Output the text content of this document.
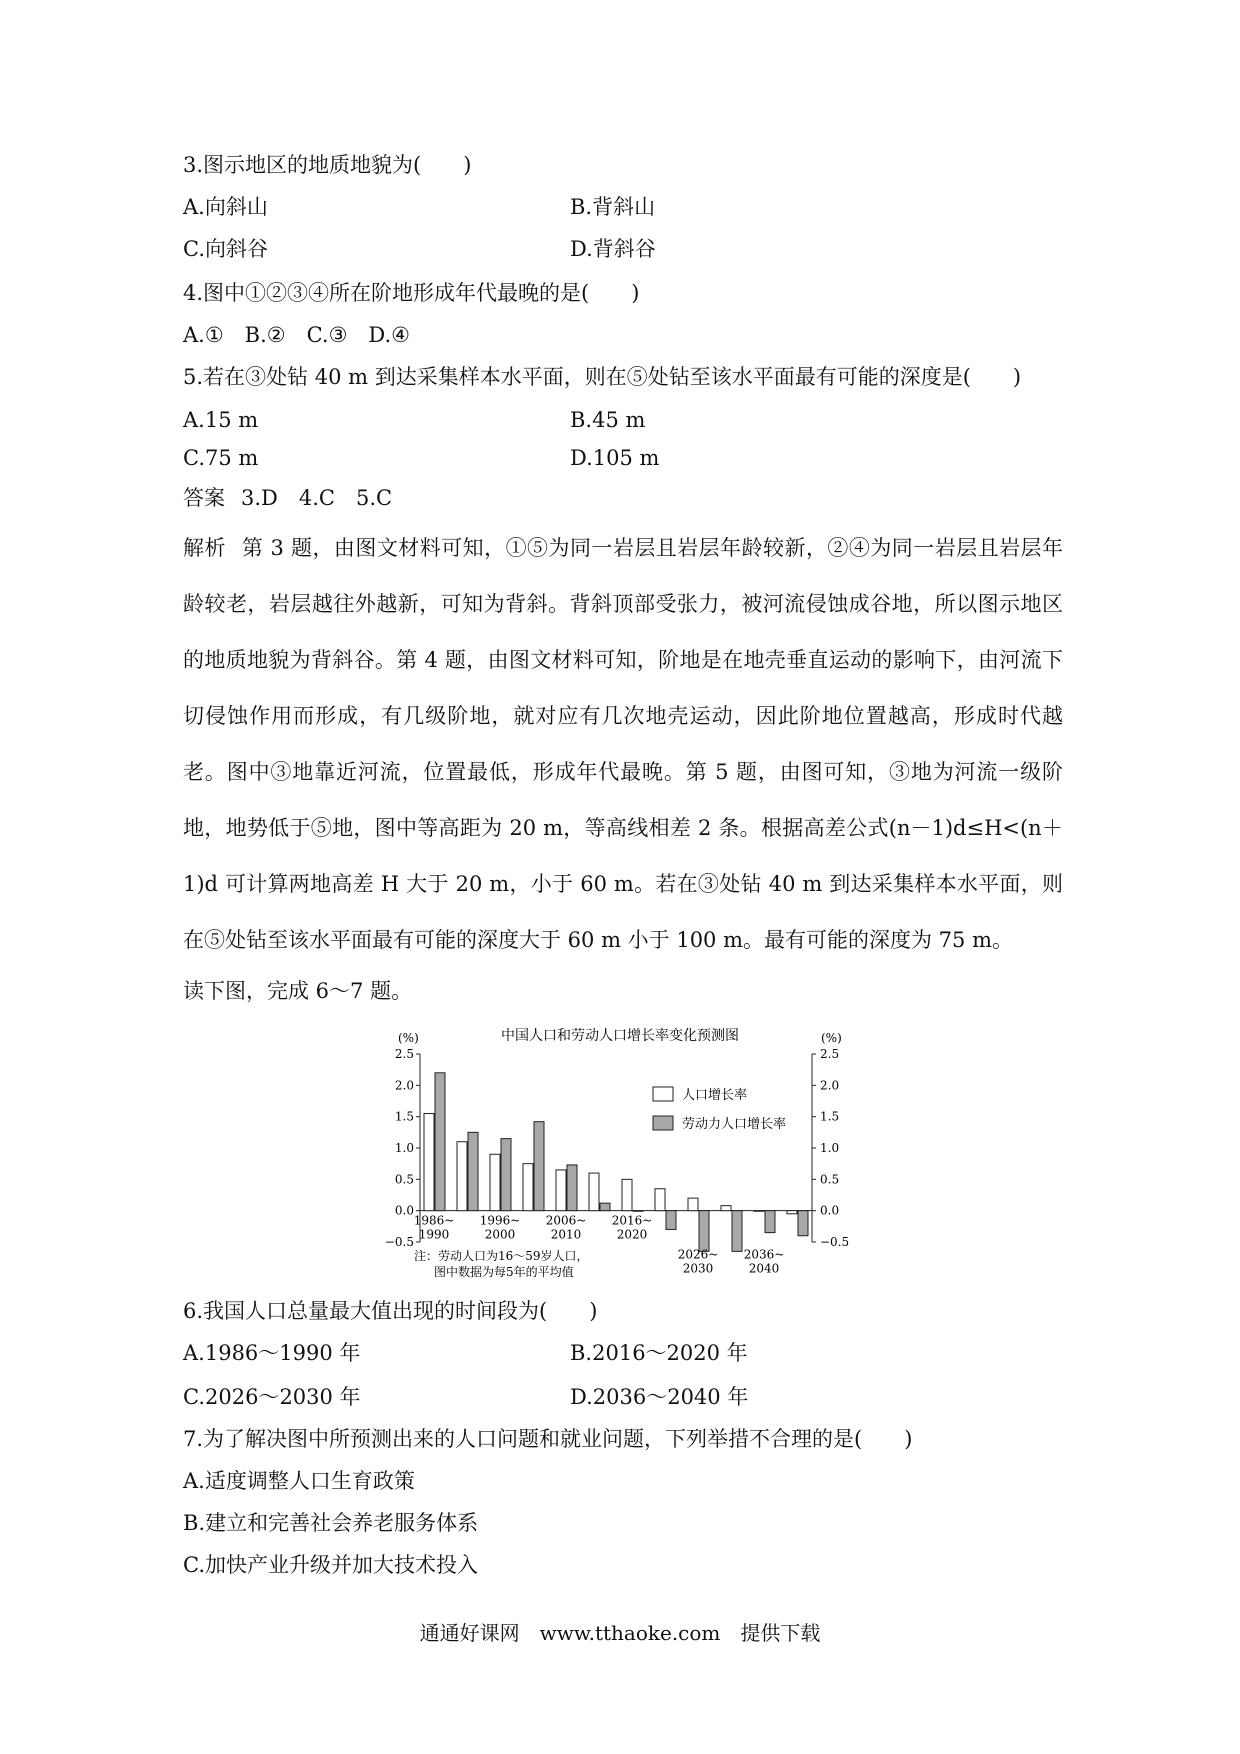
3.图示地区的地质地貌为(　　)
A.向斜山	B.背斜山
C.向斜谷	D.背斜谷
4.图中①②③④所在阶地形成年代最晚的是(　　)
A.①　B.②　C.③　D.④
5.若在③处钻 40 m 到达采集样本水平面，则在⑤处钻至该水平面最有可能的深度是(　　)
A.15 m	B.45 m
C.75 m	D.105 m
答案 3.D　4.C　5.C
解析 第 3 题，由图文材料可知，①⑤为同一岩层且岩层年龄较新，②④为同一岩层且岩层年龄较老，岩层越往外越新，可知为背斜。背斜顶部受张力，被河流侵蚀成谷地，所以图示地区的地质地貌为背斜谷。第 4 题，由图文材料可知，阶地是在地壳垂直运动的影响下，由河流下切侵蚀作用而形成，有几级阶地，就对应有几次地壳运动，因此阶地位置越高，形成时代越老。图中③地靠近河流，位置最低，形成年代最晚。第 5 题，由图可知，③地为河流一级阶地，地势低于⑤地，图中等高距为 20 m，等高线相差 2 条。根据高差公式(n－1)d≤H<(n＋1)d 可计算两地高差 H 大于 20 m，小于 60 m。若在③处钻 40 m 到达采集样本水平面，则在⑤处钻至该水平面最有可能的深度大于 60 m 小于 100 m。最有可能的深度为 75 m。
读下图，完成 6～7 题。
中国人口和劳动人口增长率变化预测图
(%)	(%)
2.5
2.0
1.5
1.0
0.5
0.0
−0.5
2.5
2.0
1.5
1.0
0.5
0.0
−0.5
1986~
1990
1996~
2000
2006~
2010
2016~
2020
2026~
2030
2036~
2040
人口增长率
劳动力人口增长率
注：劳动人口为16～59岁人口，
图中数据为每5年的平均值
6.我国人口总量最大值出现的时间段为(　　)
A.1986～1990 年	B.2016～2020 年
C.2026～2030 年	D.2036～2040 年
7.为了解决图中所预测出来的人口问题和就业问题，下列举措不合理的是(　　)
A.适度调整人口生育政策
B.建立和完善社会养老服务体系
C.加快产业升级并加大技术投入
通通好课网　www.tthaoke.com　提供下载
